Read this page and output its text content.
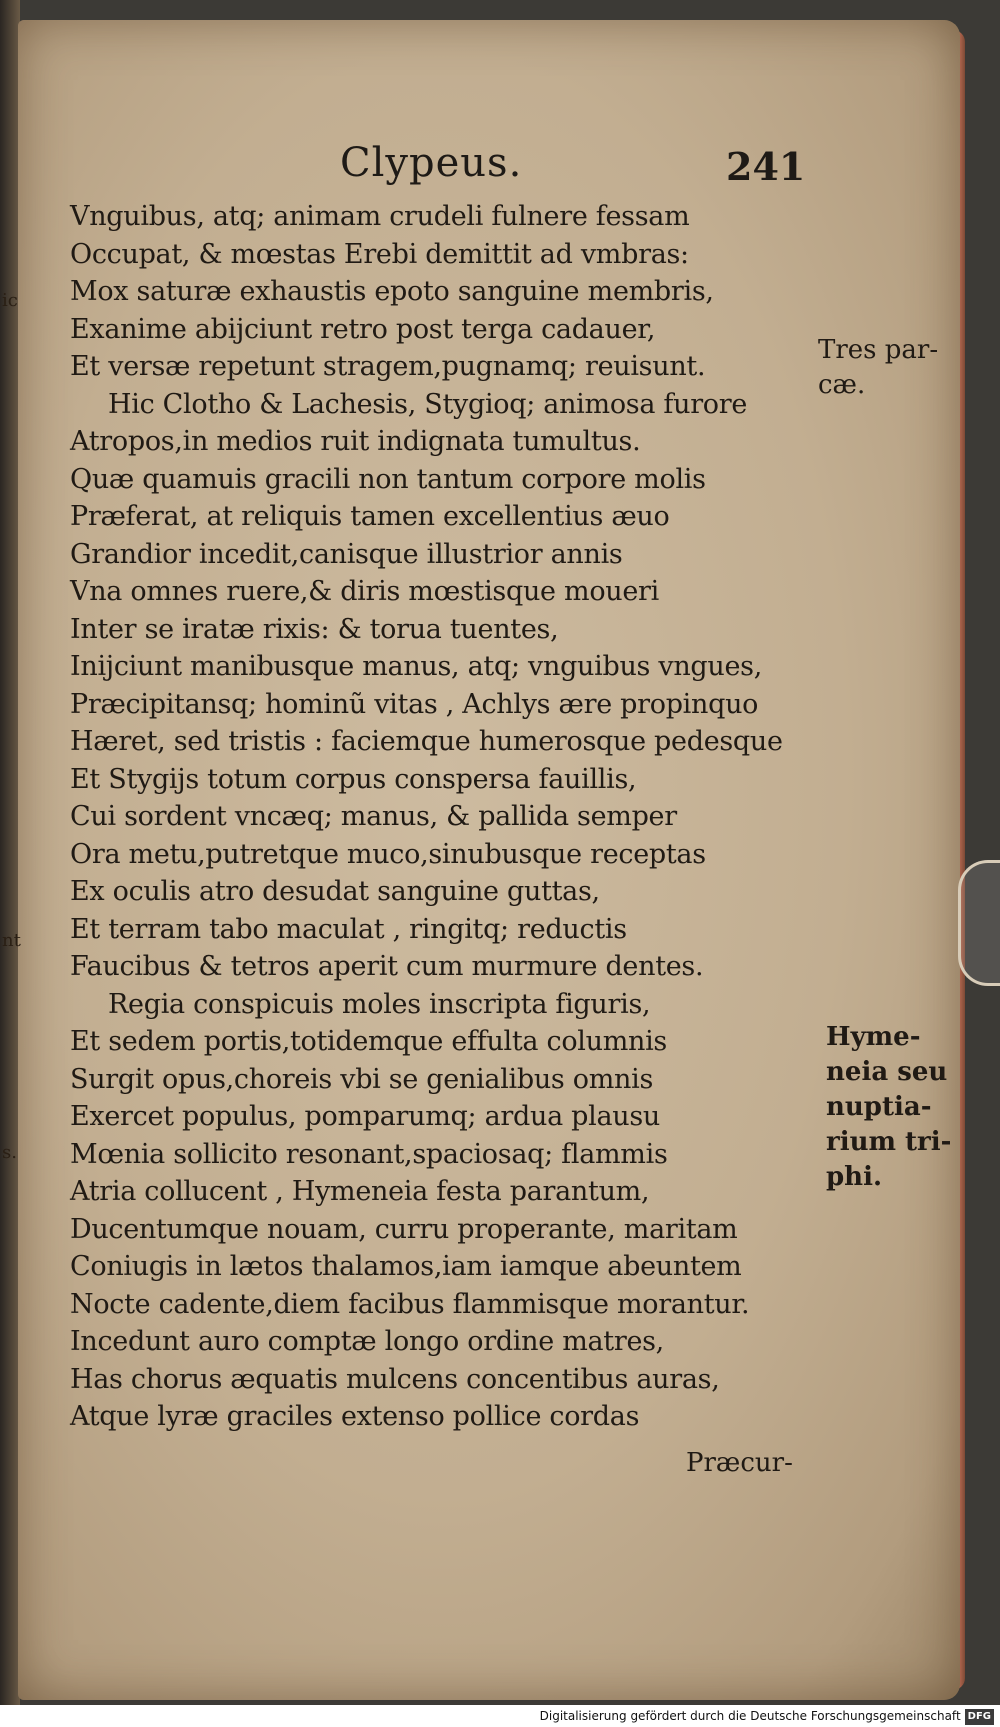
ic
nt
s.
Clypeus.	241
Vnguibus, atq; animam crudeli fulnere fessam
Occupat, & mœstas Erebi demittit ad vmbras:
Mox saturæ exhaustis epoto sanguine membris,
Exanime abijciunt retro post terga cadauer,
Et versæ repetunt stragem,pugnamq; reuisunt.
Hic Clotho & Lachesis, Stygioq; animosa furore
Atropos,in medios ruit indignata tumultus.
Quæ quamuis gracili non tantum corpore molis
Præferat, at reliquis tamen excellentius æuo
Grandior incedit,canisque illustrior annis
Vna omnes ruere,& diris mœstisque moueri
Inter se iratæ rixis: & torua tuentes,
Inijciunt manibusque manus, atq; vnguibus vngues,
Præcipitansq; hominũ vitas , Achlys ære propinquo
Hæret, sed tristis : faciemque humerosque pedesque
Et Stygijs totum corpus conspersa fauillis,
Cui sordent vncæq; manus, & pallida semper
Ora metu,putretque muco,sinubusque receptas
Ex oculis atro desudat sanguine guttas,
Et terram tabo maculat , ringitq; reductis
Faucibus & tetros aperit cum murmure dentes.
Regia conspicuis moles inscripta figuris,
Et sedem portis,totidemque effulta columnis
Surgit opus,choreis vbi se genialibus omnis
Exercet populus, pomparumq; ardua plausu
Mœnia sollicito resonant,spaciosaq; flammis
Atria collucent , Hymeneia festa parantum,
Ducentumque nouam, curru properante, maritam
Coniugis in lætos thalamos,iam iamque abeuntem
Nocte cadente,diem facibus flammisque morantur.
Incedunt auro comptæ longo ordine matres,
Has chorus æquatis mulcens concentibus auras,
Atque lyræ graciles extenso pollice cordas
Tres par-
cæ.
Hyme-
neia seu
nuptia-
rium tri-
phi.
Præcur-
Digitalisierung gefördert durch die Deutsche Forschungsgemeinschaft DFG
